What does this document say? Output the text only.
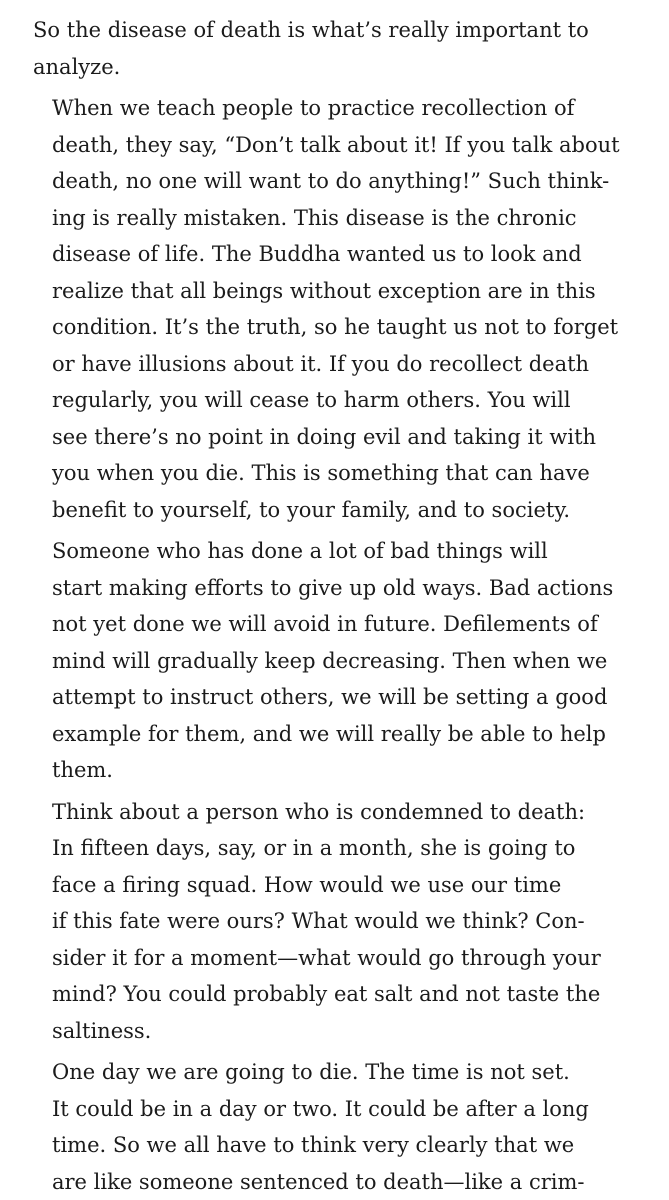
So the disease of death is what’s really important to
analyze.

When we teach people to practice recollection of
death, they say, “Don’t talk about it! If you talk about
death, no one will want to do anything!” Such think-
ing is really mistaken. This disease is the chronic
disease of life. The Buddha wanted us to look and
realize that all beings without exception are in this
condition. It’s the truth, so he taught us not to forget
or have illusions about it. If you do recollect death
regularly, you will cease to harm others. You will
see there’s no point in doing evil and taking it with
you when you die. This is something that can have
benefit to yourself, to your family, and to society.

Someone who has done a lot of bad things will
start making efforts to give up old ways. Bad actions
not yet done we will avoid in future. Defilements of
mind will gradually keep decreasing. Then when we
attempt to instruct others, we will be setting a good
example for them, and we will really be able to help
them.

Think about a person who is condemned to death:
In fifteen days, say, or in a month, she is going to
face a firing squad. How would we use our time
if this fate were ours? What would we think? Con-
sider it for a moment—what would go through your
mind? You could probably eat salt and not taste the
saltiness.

One day we are going to die. The time is not set.
It could be in a day or two. It could be after a long
time. So we all have to think very clearly that we
are like someone sentenced to death—like a crim-
